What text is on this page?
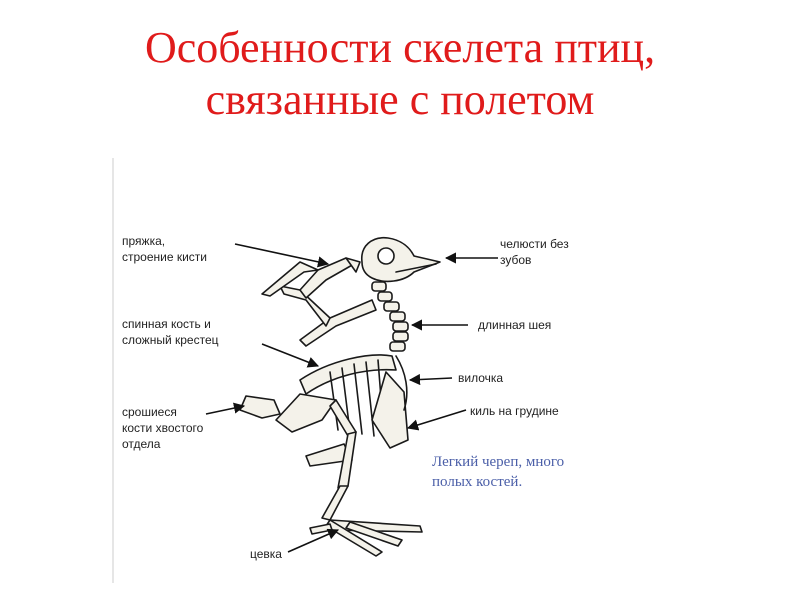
Особенности скелета птиц,
связанные с полетом
пряжка,
строение кисти
спинная кость и
сложный крестец
срошиеся
кости хвостого
отдела
челюсти без
зубов
длинная шея
вилочка
киль на грудине
цевка
Легкий череп, много
полых костей.
